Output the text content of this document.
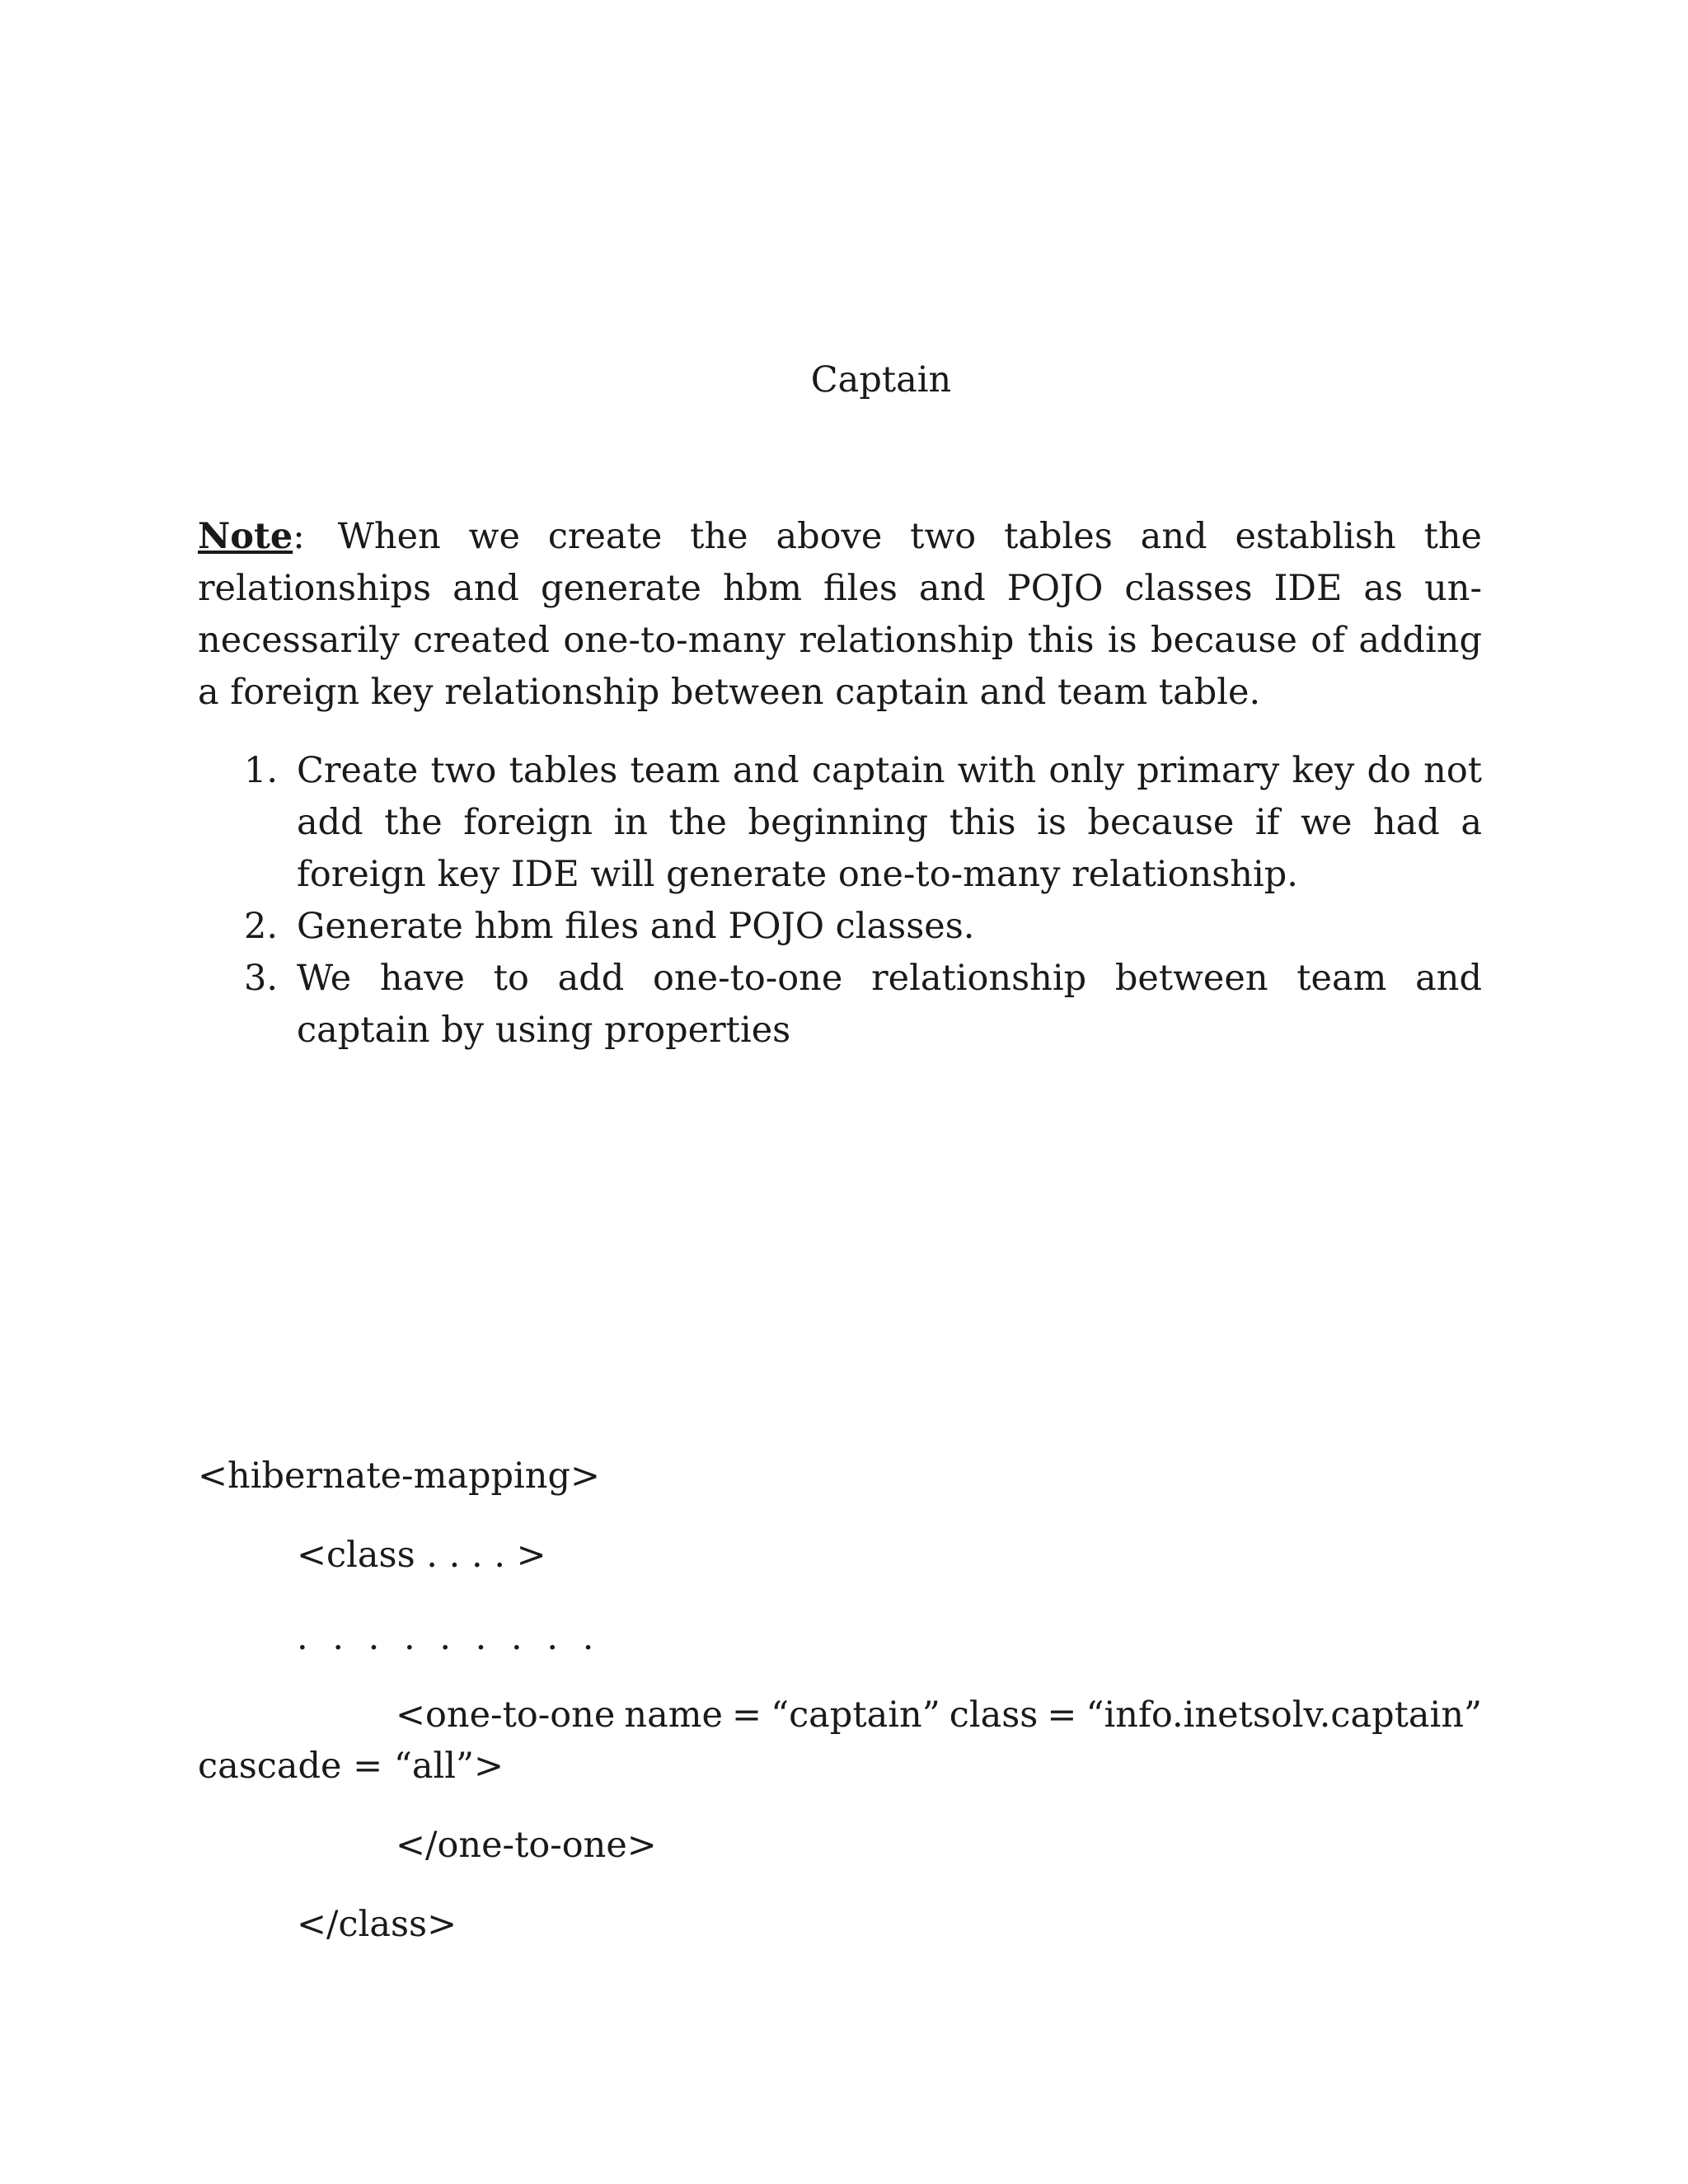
Captain
Note: When we create the above two tables and establish the relationships and generate hbm files and POJO classes IDE as un-necessarily created one-to-many relationship this is because of adding a foreign key relationship between captain and team table.
1. Create two tables team and captain with only primary key do not add the foreign in the beginning this is because if we had a foreign key IDE will generate one-to-many relationship.
2. Generate hbm files and POJO classes.
3. We have to add one-to-one relationship between team and captain by using properties
<hibernate-mapping>
<class . . . . >
. . . . . . . . .
<one-to-one name = “captain” class = “info.inetsolv.captain”
cascade = “all”>
</one-to-one>
</class>
